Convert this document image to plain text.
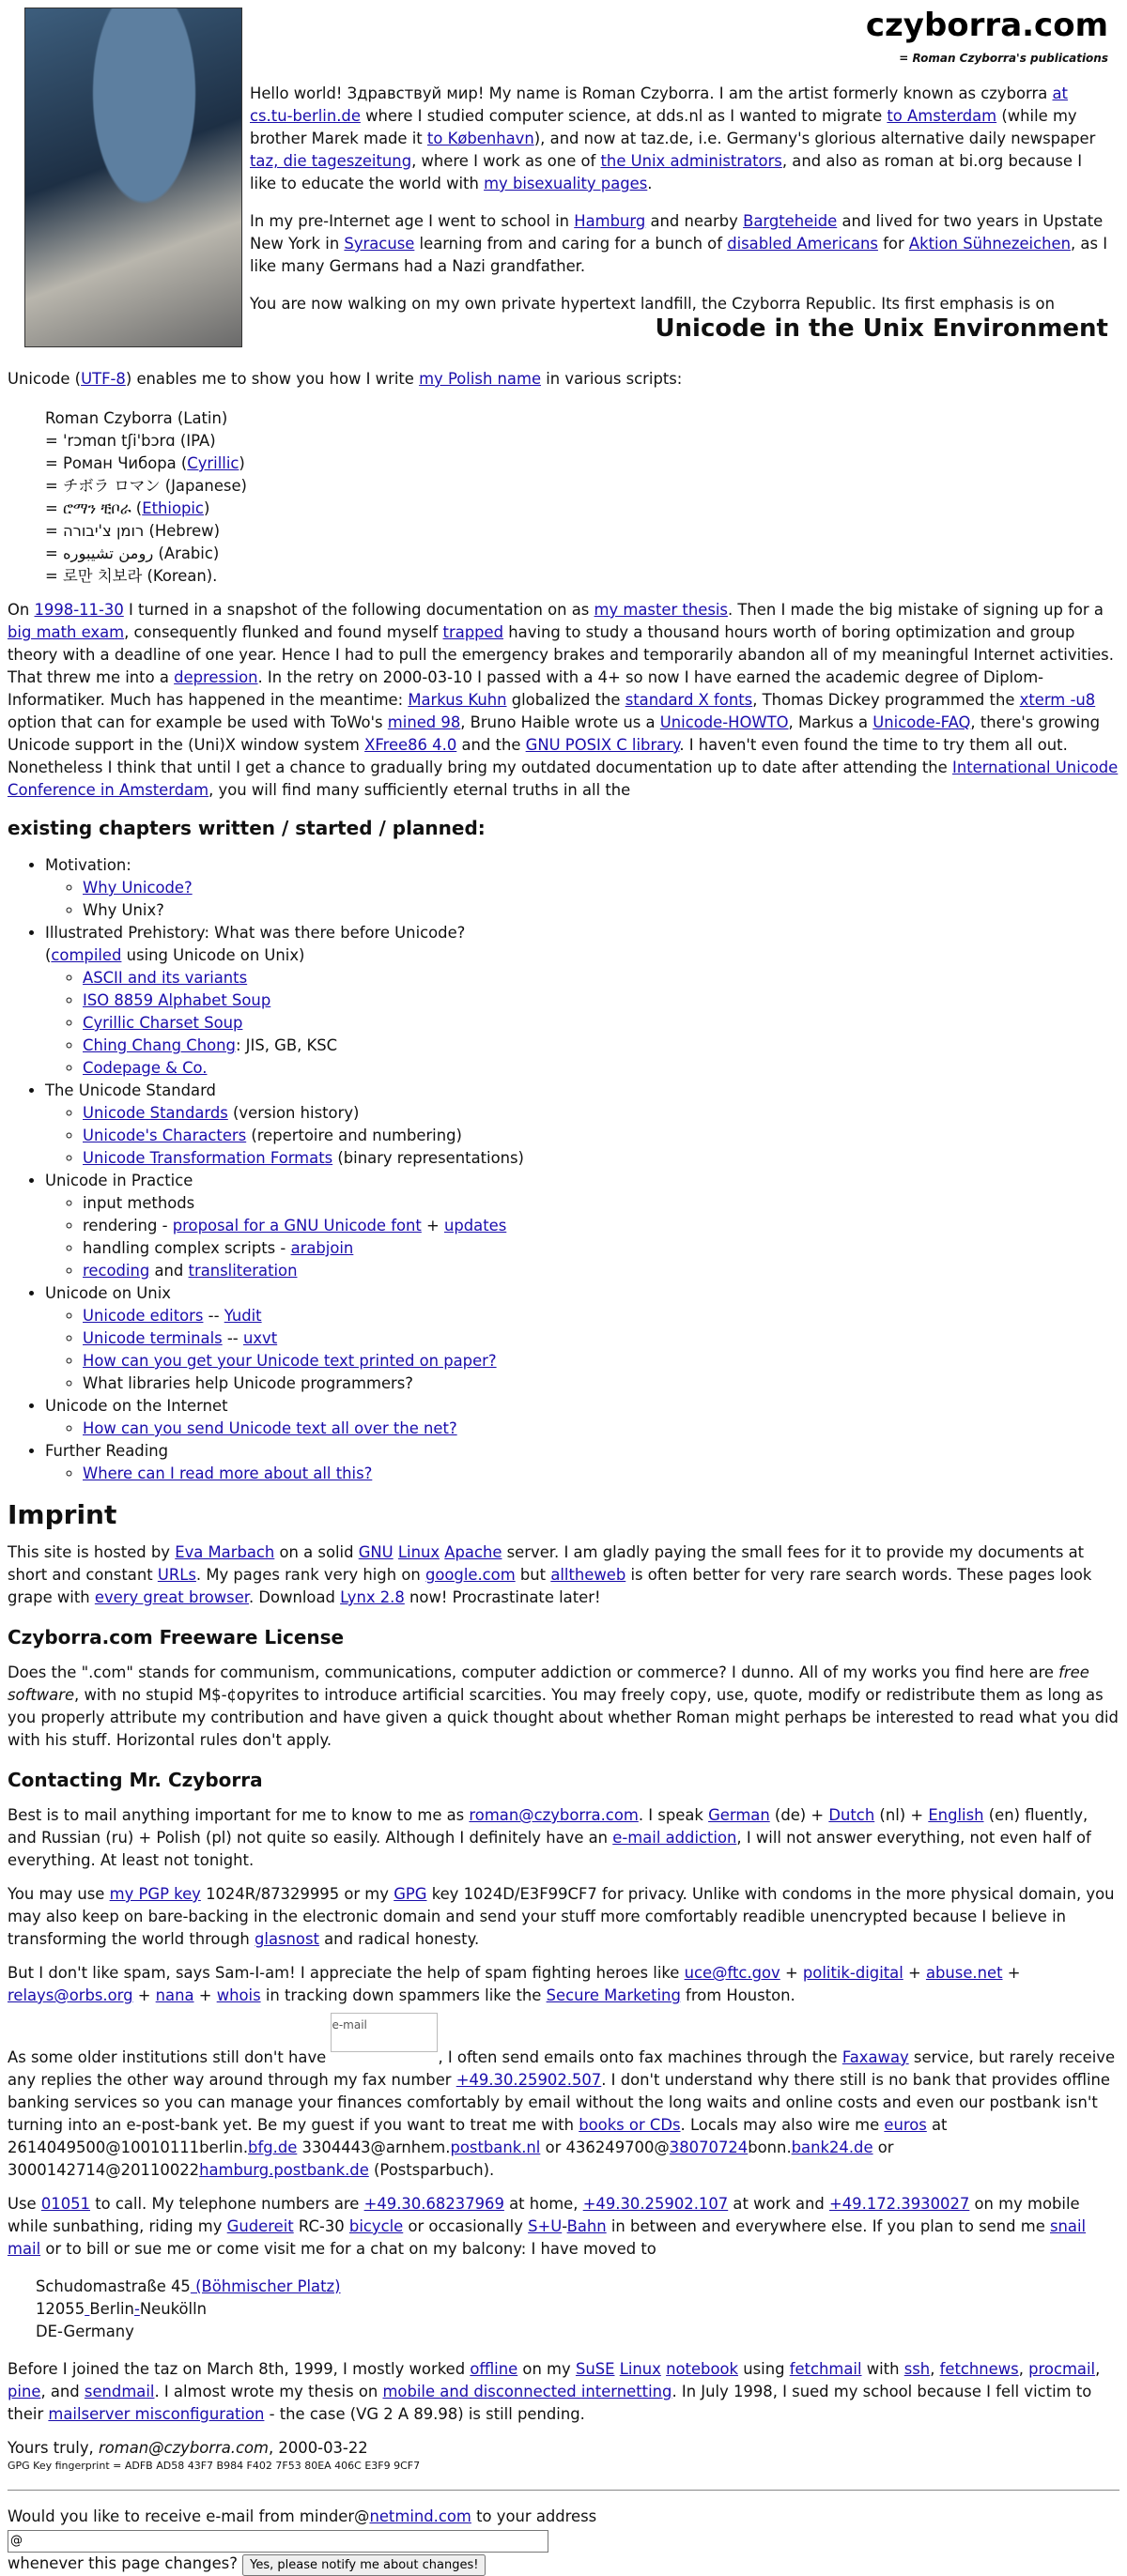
czyborra.com
= Roman Czyborra's publications

Hello world! Здравствуй мир! My name is Roman Czyborra. I am the artist formerly known as czyborra at cs.tu-berlin.de where I studied computer science, at dds.nl as I wanted to migrate to Amsterdam (while my brother Marek made it to København), and now at taz.de, i.e. Germany's glorious alternative daily newspaper taz, die tageszeitung, where I work as one of the Unix administrators, and also as roman at bi.org because I like to educate the world with my bisexuality pages.

In my pre-Internet age I went to school in Hamburg and nearby Bargteheide and lived for two years in Upstate New York in Syracuse learning from and caring for a bunch of disabled Americans for Aktion Sühnezeichen, as I like many Germans had a Nazi grandfather.

You are now walking on my own private hypertext landfill, the Czyborra Republic. Its first emphasis is on

Unicode in the Unix Environment
Unicode (UTF-8) enables me to show you how I write my Polish name in various scripts:
Roman Czyborra (Latin)
= 'rɔmɑn tʃi'bɔrɑ (IPA)
= Роман Чибора (Cyrillic)
= チボラ ロマン (Japanese)
= ሮማን ቺቦራ (Ethiopic)
= רומן צ'יבורה (Hebrew)
= رومن تشيبوره (Arabic)
= 로만 치보라 (Korean).

On 1998-11-30 I turned in a snapshot of the following documentation on as my master thesis. Then I made the big mistake of signing up for a big math exam, consequently flunked and found myself trapped having to study a thousand hours worth of boring optimization and group theory with a deadline of one year. Hence I had to pull the emergency brakes and temporarily abandon all of my meaningful Internet activities. That threw me into a depression. In the retry on 2000-03-10 I passed with a 4+ so now I have earned the academic degree of Diplom-Informatiker. Much has happened in the meantime: Markus Kuhn globalized the standard X fonts, Thomas Dickey programmed the xterm -u8 option that can for example be used with ToWo's mined 98, Bruno Haible wrote us a Unicode-HOWTO, Markus a Unicode-FAQ, there's growing Unicode support in the (Uni)X window system XFree86 4.0 and the GNU POSIX C library. I haven't even found the time to try them all out. Nonetheless I think that until I get a chance to gradually bring my outdated documentation up to date after attending the International Unicode Conference in Amsterdam, you will find many sufficiently eternal truths in all the

existing chapters written / started / planned:
• Motivation:
◦ Why Unicode?
◦ Why Unix?
• Illustrated Prehistory: What was there before Unicode?
(compiled using Unicode on Unix)
◦ ASCII and its variants
◦ ISO 8859 Alphabet Soup
◦ Cyrillic Charset Soup
◦ Ching Chang Chong: JIS, GB, KSC
◦ Codepage & Co.
• The Unicode Standard
◦ Unicode Standards (version history)
◦ Unicode's Characters (repertoire and numbering)
◦ Unicode Transformation Formats (binary representations)
• Unicode in Practice
◦ input methods
◦ rendering - proposal for a GNU Unicode font + updates
◦ handling complex scripts - arabjoin
◦ recoding and transliteration
• Unicode on Unix
◦ Unicode editors -- Yudit
◦ Unicode terminals -- uxvt
◦ How can you get your Unicode text printed on paper?
◦ What libraries help Unicode programmers?
• Unicode on the Internet
◦ How can you send Unicode text all over the net?
• Further Reading
◦ Where can I read more about all this?
Imprint

This site is hosted by Eva Marbach on a solid GNU Linux Apache server. I am gladly paying the small fees for it to provide my documents at short and constant URLs. My pages rank very high on google.com but alltheweb is often better for very rare search words. These pages look grape with every great browser. Download Lynx 2.8 now! Procrastinate later!

Czyborra.com Freeware License

Does the ".com" stands for communism, communications, computer addiction or commerce? I dunno. All of my works you find here are free software, with no stupid M$-¢opyrites to introduce artificial scarcities. You may freely copy, use, quote, modify or redistribute them as long as you properly attribute my contribution and have given a quick thought about whether Roman might perhaps be interested to read what you did with his stuff. Horizontal rules don't apply.

Contacting Mr. Czyborra

Best is to mail anything important for me to know to me as roman@czyborra.com. I speak German (de) + Dutch (nl) + English (en) fluently, and Russian (ru) + Polish (pl) not quite so easily. Although I definitely have an e-mail addiction, I will not answer everything, not even half of everything. At least not tonight.

You may use my PGP key 1024R/87329995 or my GPG key 1024D/E3F99CF7 for privacy. Unlike with condoms in the more physical domain, you may also keep on bare-backing in the electronic domain and send your stuff more comfortably readible unencrypted because I believe in transforming the world through glasnost and radical honesty.

But I don't like spam, says Sam-I-am! I appreciate the help of spam fighting heroes like uce@ftc.gov + politik-digital + abuse.net + relays@orbs.org + nana + whois in tracking down spammers like the Secure Marketing from Houston.

As some older institutions still don't have e-mail, I often send emails onto fax machines through the Faxaway service, but rarely receive any replies the other way around through my fax number +49.30.25902.507. I don't understand why there still is no bank that provides offline banking services so you can manage your finances comfortably by email without the long waits and online costs and even our postbank isn't turning into an e-post-bank yet. Be my guest if you want to treat me with books or CDs. Locals may also wire me euros at 2614049500@10010111berlin.bfg.de 3304443@arnhem.postbank.nl or 436249700@38070724bonn.bank24.de or 3000142714@20110022hamburg.postbank.de (Postsparbuch).

Use 01051 to call. My telephone numbers are +49.30.68237969 at home, +49.30.25902.107 at work and +49.172.3930027 on my mobile while sunbathing, riding my Gudereit RC-30 bicycle or occasionally S+U-Bahn in between and everywhere else. If you plan to send me snail mail or to bill or sue me or come visit me for a chat on my balcony: I have moved to

Schudomastraße 45 (Böhmischer Platz)
12055 Berlin-Neukölln
DE-Germany

Before I joined the taz on March 8th, 1999, I mostly worked offline on my SuSE Linux notebook using fetchmail with ssh, fetchnews, procmail, pine, and sendmail. I almost wrote my thesis on mobile and disconnected internetting. In July 1998, I sued my school because I fell victim to their mailserver misconfiguration - the case (VG 2 A 89.98) is still pending.

Yours truly, roman@czyborra.com, 2000-03-22

GPG Key fingerprint = ADFB AD58 43F7 B984 F402 7F53 80EA 406C E3F9 9CF7
Would you like to receive e-mail from minder@netmind.com to your address @
whenever this page changes? Yes, please notify me about changes!
